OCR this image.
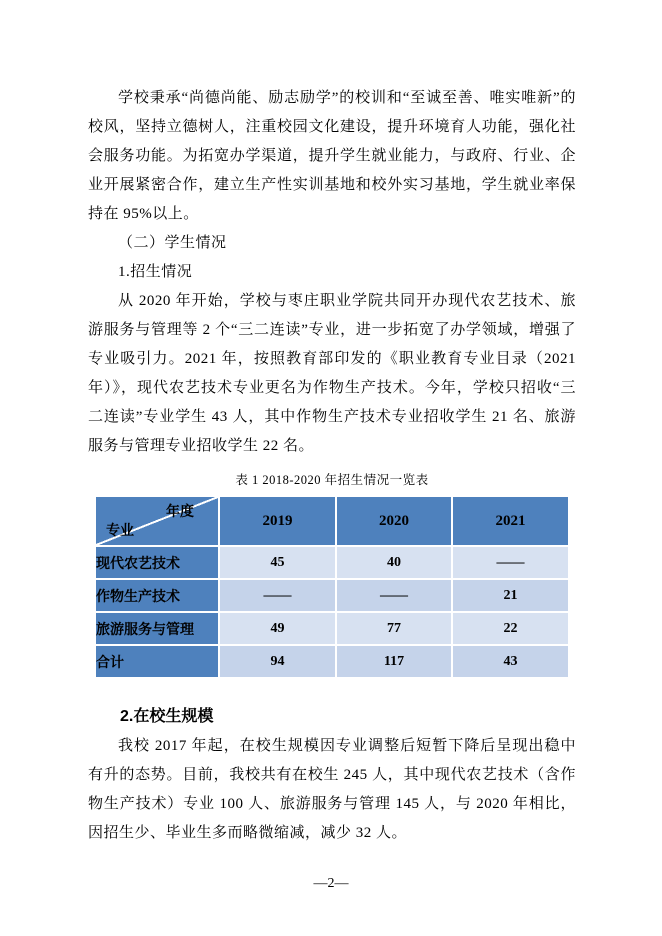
学校秉承“尚德尚能、励志励学”的校训和“至诚至善、唯实唯新”的校风，坚持立德树人，注重校园文化建设，提升环境育人功能，强化社会服务功能。为拓宽办学渠道，提升学生就业能力，与政府、行业、企业开展紧密合作，建立生产性实训基地和校外实习基地，学生就业率保持在 95%以上。

（二）学生情况

1.招生情况

从 2020 年开始，学校与枣庄职业学院共同开办现代农艺技术、旅游服务与管理等 2 个“三二连读”专业，进一步拓宽了办学领域，增强了专业吸引力。2021 年，按照教育部印发的《职业教育专业目录（2021年）》，现代农艺技术专业更名为作物生产技术。今年，学校只招收“三二连读”专业学生 43 人，其中作物生产技术专业招收学生 21 名、旅游服务与管理专业招收学生 22 名。

表 1 2018-2020 年招生情况一览表
年度
专业	2019	2020	2021
现代农艺技术	45	40	——
作物生产技术	——	——	21
旅游服务与管理	49	77	22
合计	94	117	43

2.在校生规模

我校 2017 年起，在校生规模因专业调整后短暂下降后呈现出稳中有升的态势。目前，我校共有在校生 245 人，其中现代农艺技术（含作物生产技术）专业 100 人、旅游服务与管理 145 人，与 2020 年相比，因招生少、毕业生多而略微缩减，减少 32 人。

—2—
